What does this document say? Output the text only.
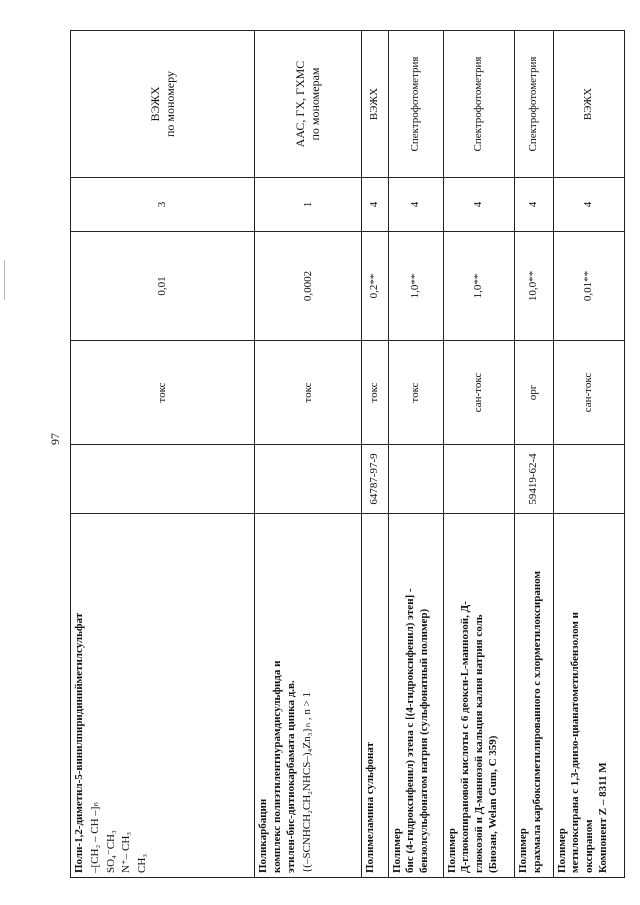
97
Поли-1,2-диметил-5-винилпиридинийметилсульфат –[CH₂ – CH –]ₙ SO₄⁻CH₃ N⁺– CH₃ CH₃		токс	0,01	3	ВЭЖХ по мономеру

Поликарбацин комплекс полиэтилентиурамдисульфида и этилен-бис-дитиокарбамата цинка д.в. {(–SCNHCH₂CH₂NHCS–)₄Zn₃}ₙ , n > 1		токс	0,0002	1	ААС, ГХ, ГХМС по мономерам

Полимеламина сульфонат	64787-97-9	токс	0,2**	4	ВЭЖХ

Полимер бис (4-гидроксифенил) этена с [(4-гидроксифенил) этен] - бензолсульфонатом натрия (сульфонатный полимер)		токс	1,0**	4	Спектрофотометрия

Полимер Д-глюкопирановой кислоты с 6 деокси-L-маннозой, Д- глюкозой и Д-маннозой кальция калия натрия соль (Биозан, Welan Gum, С 359)		сан-токс	1,0**	4	Спектрофотометрия

Полимер крахмала карбоксиметилированного с хлорметилоксираном	59419-62-4	орг	10,0**	4	Спектрофотометрия

Полимер метилоксирана с 1,3-диизо-цианатометилбензолом и оксираном Компонент Z – 8311 M		сан-токс	0,01**	4	ВЭЖХ
